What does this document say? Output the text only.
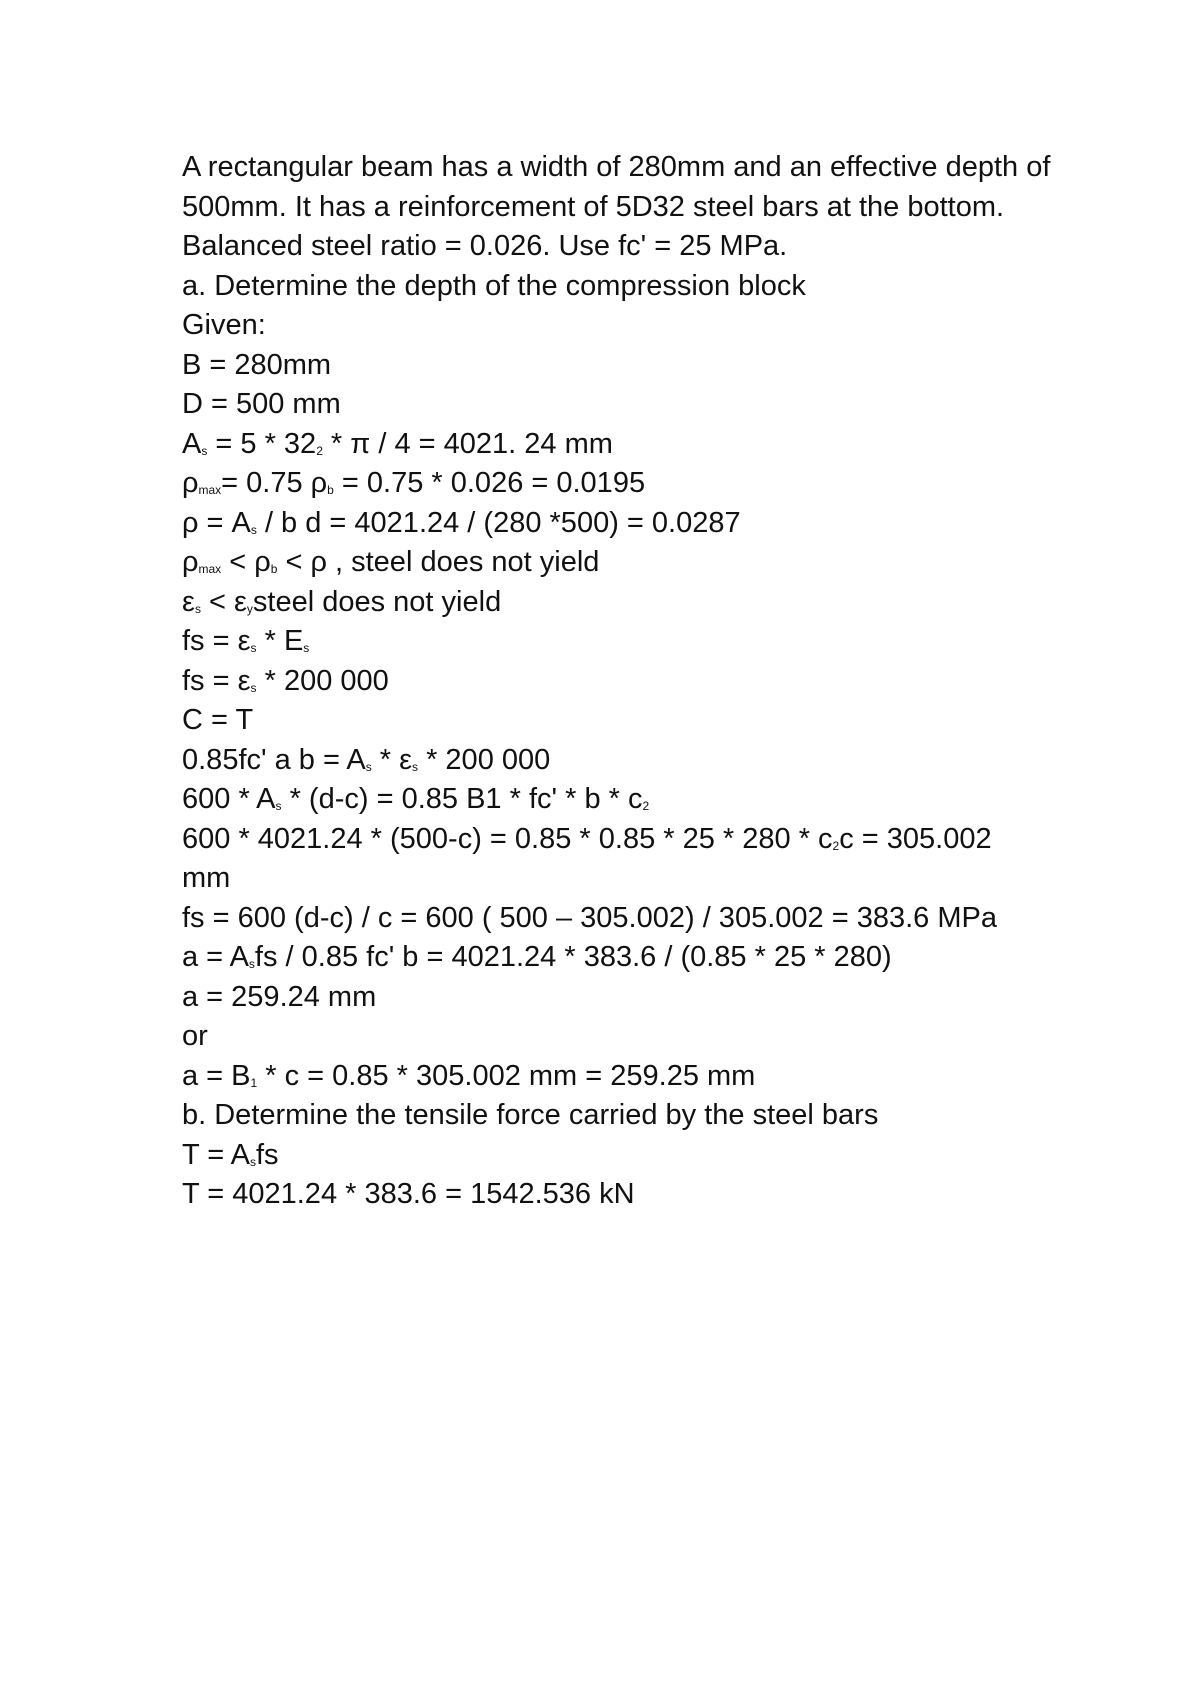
A rectangular beam has a width of 280mm and an effective depth of 500mm. It has a reinforcement of 5D32 steel bars at the bottom. Balanced steel ratio = 0.026. Use fc' = 25 MPa.

a. Determine the depth of the compression block

Given:

B = 280mm

D = 500 mm

As = 5 * 322 * π / 4 = 4021. 24 mm

ρmax= 0.75 ρb = 0.75 * 0.026 = 0.0195

ρ = As / b d = 4021.24 / (280 *500) = 0.0287

ρmax < ρb < ρ , steel does not yield

εs < εysteel does not yield

fs = εs * Es

fs = εs * 200 000

C = T

0.85fc' a b = As * εs * 200 000

600 * As * (d-c) = 0.85 B1 * fc' * b * c2

600 * 4021.24 * (500-c) = 0.85 * 0.85 * 25 * 280 * c2c = 305.002

mm

fs = 600 (d-c) / c = 600 ( 500 – 305.002) / 305.002 = 383.6 MPa

a = Asfs / 0.85 fc' b = 4021.24 * 383.6 / (0.85 * 25 * 280)

a = 259.24 mm

or

a = B1 * c = 0.85 * 305.002 mm = 259.25 mm

b. Determine the tensile force carried by the steel bars

T = Asfs

T = 4021.24 * 383.6 = 1542.536 kN
